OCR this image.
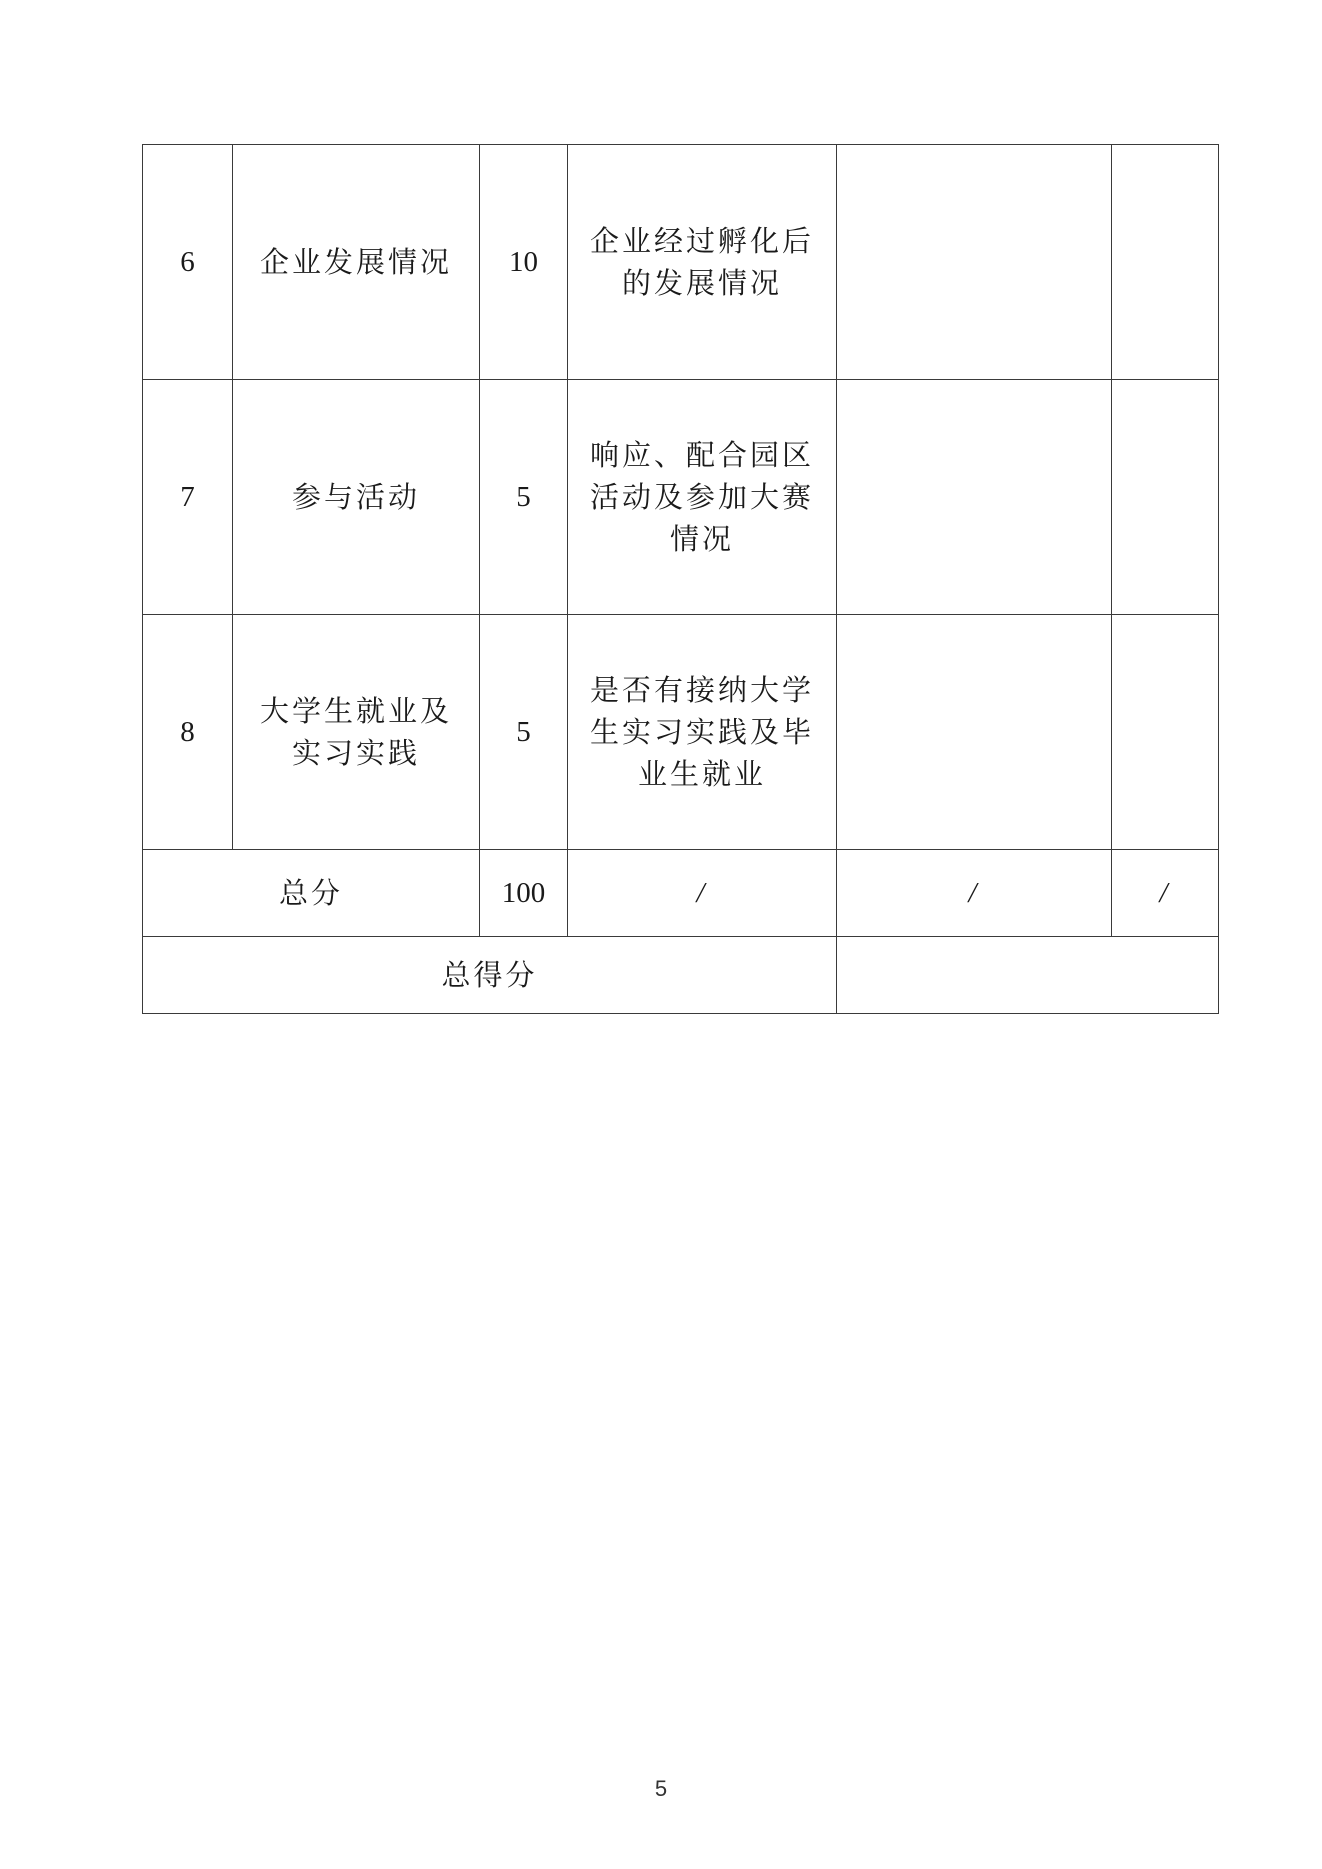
6	企业发展情况	10	企业经过孵化后的发展情况		
7	参与活动	5	响应、配合园区活动及参加大赛情况		
8	大学生就业及实习实践	5	是否有接纳大学生实习实践及毕业生就业		
总分		100	/	/	/
总得分					
5
